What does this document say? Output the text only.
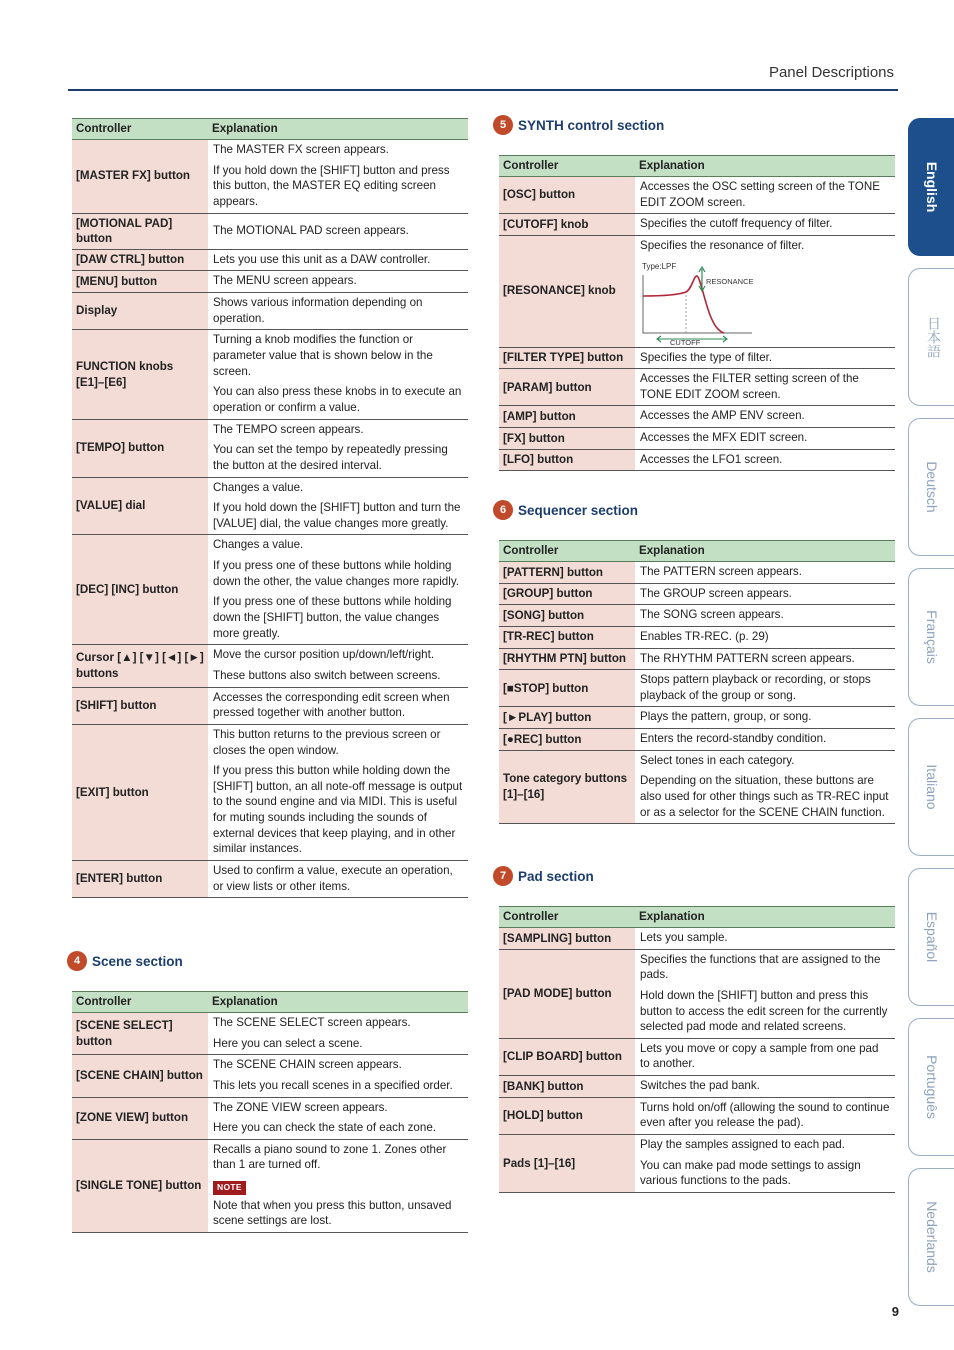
Panel Descriptions
English
日本語
Deutsch
Français
Italiano
Español
Português
Nederlands
Controller	Explanation
[MASTER FX] button	The MASTER FX screen appears.

If you hold down the [SHIFT] button and press this button, the MASTER EQ editing screen appears.

[MOTIONAL PAD] button	The MOTIONAL PAD screen appears.

[DAW CTRL] button	Lets you use this unit as a DAW controller.

[MENU] button	The MENU screen appears.

Display	Shows various information depending on operation.

FUNCTION knobs [E1]–[E6]	Turning a knob modifies the function or parameter value that is shown below in the screen.

You can also press these knobs in to execute an operation or confirm a value.

[TEMPO] button	The TEMPO screen appears.

You can set the tempo by repeatedly pressing the button at the desired interval.

[VALUE] dial	Changes a value.

If you hold down the [SHIFT] button and turn the [VALUE] dial, the value changes more greatly.

[DEC] [INC] button	Changes a value.

If you press one of these buttons while holding down the other, the value changes more rapidly.

If you press one of these buttons while holding down the [SHIFT] button, the value changes more greatly.

Cursor [▲] [▼] [◄] [►] buttons	Move the cursor position up/down/left/right.

These buttons also switch between screens.

[SHIFT] button	Accesses the corresponding edit screen when pressed together with another button.

[EXIT] button	This button returns to the previous screen or closes the open window.

If you press this button while holding down the [SHIFT] button, an all note-off message is output to the sound engine and via MIDI. This is useful for muting sounds including the sounds of external devices that keep playing, and in other similar instances.

[ENTER] button	Used to confirm a value, execute an operation, or view lists or other items.

4 Scene section
Controller	Explanation
[SCENE SELECT] button	The SCENE SELECT screen appears.

Here you can select a scene.

[SCENE CHAIN] button	The SCENE CHAIN screen appears.

This lets you recall scenes in a specified order.

[ZONE VIEW] button	The ZONE VIEW screen appears.

Here you can check the state of each zone.

[SINGLE TONE] button	Recalls a piano sound to zone 1. Zones other than 1 are turned off.

NOTE

Note that when you press this button, unsaved scene settings are lost.

5 SYNTH control section
Controller	Explanation
[OSC] button	Accesses the OSC setting screen of the TONE EDIT ZOOM screen.

[CUTOFF] knob	Specifies the cutoff frequency of filter.

[RESONANCE] knob	Specifies the resonance of filter.

Type:LPF
RESONANCE
CUTOFF

[FILTER TYPE] button	Specifies the type of filter.

[PARAM] button	Accesses the FILTER setting screen of the TONE EDIT ZOOM screen.

[AMP] button	Accesses the AMP ENV screen.

[FX] button	Accesses the MFX EDIT screen.

[LFO] button	Accesses the LFO1 screen.

6 Sequencer section
Controller	Explanation
[PATTERN] button	The PATTERN screen appears.

[GROUP] button	The GROUP screen appears.

[SONG] button	The SONG screen appears.

[TR-REC] button	Enables TR-REC. (p. 29)

[RHYTHM PTN] button	The RHYTHM PATTERN screen appears.

[■STOP] button	Stops pattern playback or recording, or stops playback of the group or song.

[►PLAY] button	Plays the pattern, group, or song.

[●REC] button	Enters the record-standby condition.

Tone category buttons [1]–[16]	Select tones in each category.

Depending on the situation, these buttons are also used for other things such as TR-REC input or as a selector for the SCENE CHAIN function.

7 Pad section
Controller	Explanation
[SAMPLING] button	Lets you sample.

[PAD MODE] button	Specifies the functions that are assigned to the pads.

Hold down the [SHIFT] button and press this button to access the edit screen for the currently selected pad mode and related screens.

[CLIP BOARD] button	Lets you move or copy a sample from one pad to another.

[BANK] button	Switches the pad bank.

[HOLD] button	Turns hold on/off (allowing the sound to continue even after you release the pad).

Pads [1]–[16]	Play the samples assigned to each pad.

You can make pad mode settings to assign various functions to the pads.

9
